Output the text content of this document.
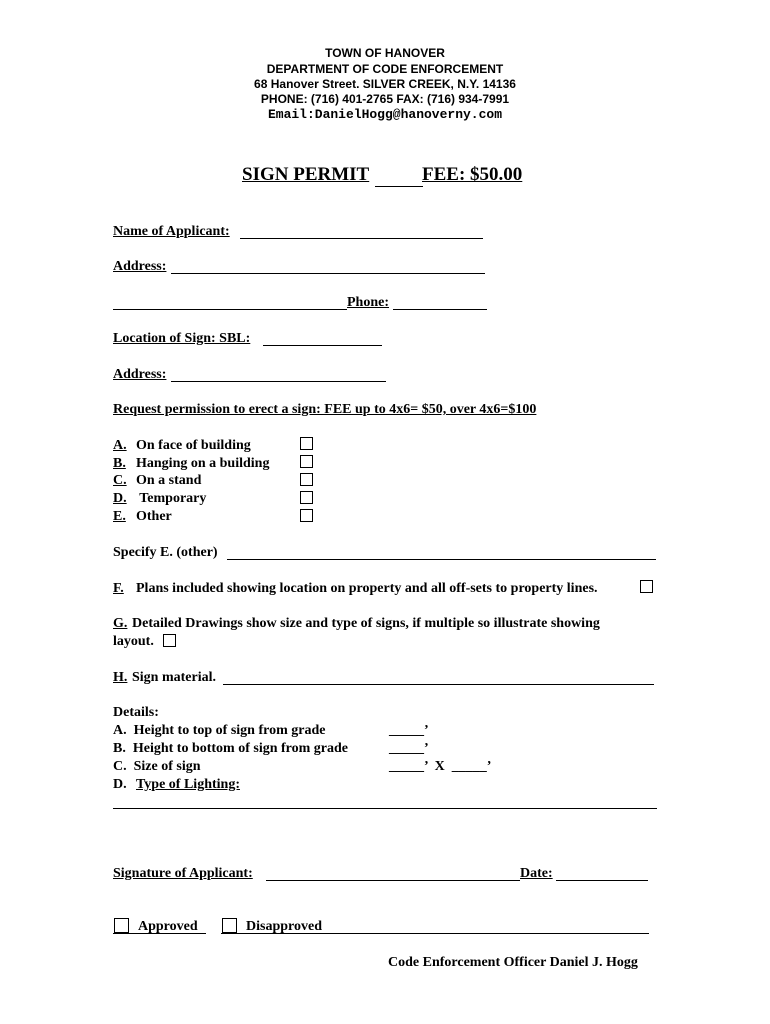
TOWN OF HANOVER
DEPARTMENT OF CODE ENFORCEMENT
68 Hanover Street. SILVER CREEK, N.Y. 14136
PHONE: (716) 401-2765 FAX: (716) 934-7991
Email:DanielHogg@hanoverny.com
SIGN PERMIT	FEE: $50.00
Name of Applicant:
Address:
Phone:
Location of Sign: SBL:
Address:
Request permission to erect a sign: FEE up to 4x6= $50, over 4x6=$100
A. On face of building
B. Hanging on a building
C. On a stand
D. Temporary
E. Other
Specify E. (other)
F. Plans included showing location on property and all off-sets to property lines.
G. Detailed Drawings show size and type of signs, if multiple so illustrate showing
layout.
H. Sign material.
Details:
A.  Height to top of sign from grade	_____’
B.  Height to bottom of sign from grade	_____’
C.  Size of sign	_____’  X  _____’
D. Type of Lighting:
Signature of Applicant:	Date:
Approved	Disapproved
Code Enforcement Officer Daniel J. Hogg
